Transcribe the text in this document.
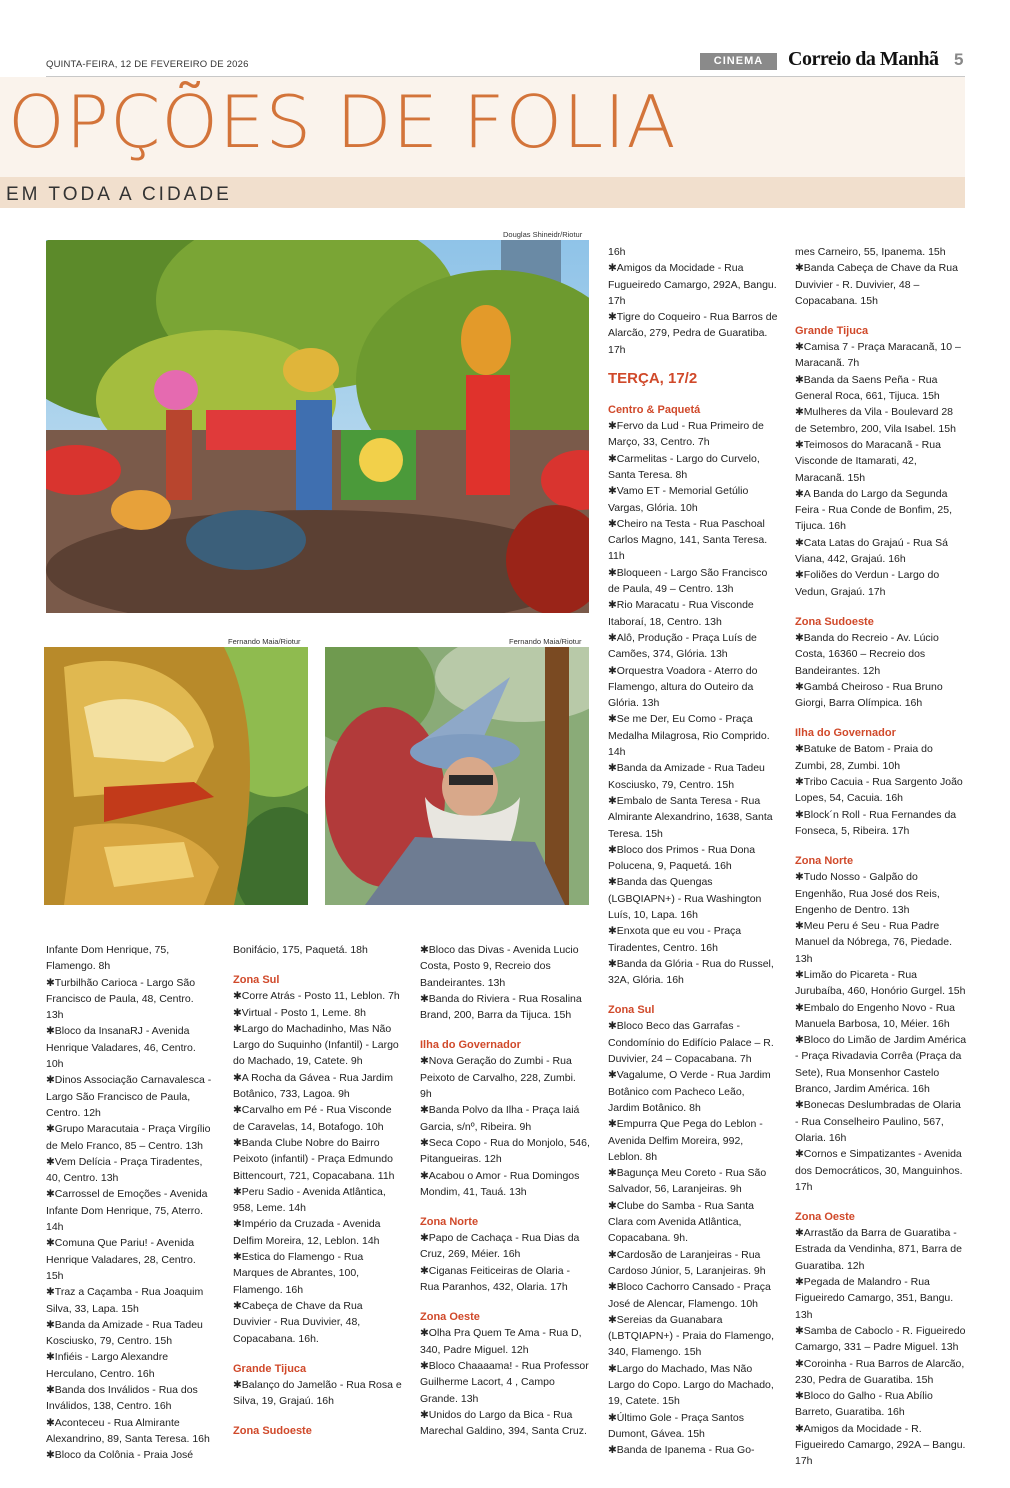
QUINTA-FEIRA, 12 DE FEVEREIRO DE 2026	CINEMA	Correio da Manhã 5
OPÇÕES DE FOLIA
EM TODA A CIDADE
Douglas Shineidr/Riotur
Fernando Maia/Riotur	Fernando Maia/Riotur
Infante Dom Henrique, 75, Flamengo. 8h
✱Turbilhão Carioca - Largo São Francisco de Paula, 48, Centro. 13h
✱Bloco da InsanaRJ - Avenida Henrique Valadares, 46, Centro. 10h
✱Dinos Associação Carnavalesca - Largo São Francisco de Paula, Centro. 12h
✱Grupo Maracutaia - Praça Virgílio de Melo Franco, 85 – Centro. 13h
✱Vem Delícia - Praça Tiradentes, 40, Centro. 13h
✱Carrossel de Emoções - Avenida Infante Dom Henrique, 75, Aterro. 14h
✱Comuna Que Pariu! - Avenida Henrique Valadares, 28, Centro. 15h
✱Traz a Caçamba - Rua Joaquim Silva, 33, Lapa. 15h
✱Banda da Amizade - Rua Tadeu Kosciusko, 79, Centro. 15h
✱Infiéis - Largo Alexandre Herculano, Centro. 16h
✱Banda dos Inválidos - Rua dos Inválidos, 138, Centro. 16h
✱Aconteceu - Rua Almirante Alexandrino, 89, Santa Teresa. 16h
✱Bloco da Colônia - Praia José
Bonifácio, 175, Paquetá. 18h
Zona Sul
✱Corre Atrás - Posto 11, Leblon. 7h
✱Virtual - Posto 1, Leme. 8h
✱Largo do Machadinho, Mas Não Largo do Suquinho (Infantil) - Largo do Machado, 19, Catete. 9h
✱A Rocha da Gávea - Rua Jardim Botânico, 733, Lagoa. 9h
✱Carvalho em Pé - Rua Visconde de Caravelas, 14, Botafogo. 10h
✱Banda Clube Nobre do Bairro Peixoto (infantil) - Praça Edmundo Bittencourt, 721, Copacabana. 11h
✱Peru Sadio - Avenida Atlântica, 958, Leme. 14h
✱Império da Cruzada - Avenida Delfim Moreira, 12, Leblon. 14h
✱Estica do Flamengo - Rua Marques de Abrantes, 100, Flamengo. 16h
✱Cabeça de Chave da Rua Duvivier - Rua Duvivier, 48, Copacabana. 16h.
Grande Tijuca
✱Balanço do Jamelão - Rua Rosa e Silva, 19, Grajaú. 16h
Zona Sudoeste
✱Bloco das Divas - Avenida Lucio Costa, Posto 9, Recreio dos Bandeirantes. 13h
✱Banda do Riviera - Rua Rosalina Brand, 200, Barra da Tijuca. 15h
Ilha do Governador
✱Nova Geração do Zumbi - Rua Peixoto de Carvalho, 228, Zumbi. 9h
✱Banda Polvo da Ilha - Praça Iaiá Garcia, s/nº, Ribeira. 9h
✱Seca Copo - Rua do Monjolo, 546, Pitangueiras. 12h
✱Acabou o Amor - Rua Domingos Mondim, 41, Tauá. 13h
Zona Norte
✱Papo de Cachaça - Rua Dias da Cruz, 269, Méier. 16h
✱Ciganas Feiticeiras de Olaria - Rua Paranhos, 432, Olaria. 17h
Zona Oeste
✱Olha Pra Quem Te Ama - Rua D, 340, Padre Miguel. 12h
✱Bloco Chaaaama! - Rua Professor Guilherme Lacort, 4 , Campo Grande. 13h
✱Unidos do Largo da Bica - Rua Marechal Galdino, 394, Santa Cruz.
16h
✱Amigos da Mocidade - Rua Fugueiredo Camargo, 292A, Bangu. 17h
✱Tigre do Coqueiro - Rua Barros de Alarcão, 279, Pedra de Guaratiba. 17h
TERÇA, 17/2
Centro & Paquetá
✱Fervo da Lud - Rua Primeiro de Março, 33, Centro. 7h
✱Carmelitas - Largo do Curvelo, Santa Teresa. 8h
✱Vamo ET - Memorial Getúlio Vargas, Glória. 10h
✱Cheiro na Testa - Rua Paschoal Carlos Magno, 141, Santa Teresa. 11h
✱Bloqueen - Largo São Francisco de Paula, 49 – Centro. 13h
✱Rio Maracatu - Rua Visconde Itaboraí, 18, Centro. 13h
✱Alô, Produção - Praça Luís de Camões, 374, Glória. 13h
✱Orquestra Voadora - Aterro do Flamengo, altura do Outeiro da Glória. 13h
✱Se me Der, Eu Como - Praça Medalha Milagrosa, Rio Comprido. 14h
✱Banda da Amizade - Rua Tadeu Kosciusko, 79, Centro. 15h
✱Embalo de Santa Teresa - Rua Almirante Alexandrino, 1638, Santa Teresa. 15h
✱Bloco dos Primos - Rua Dona Polucena, 9, Paquetá. 16h
✱Banda das Quengas (LGBQIAPN+) - Rua Washington Luís, 10, Lapa. 16h
✱Enxota que eu vou - Praça Tiradentes, Centro. 16h
✱Banda da Glória - Rua do Russel, 32A, Glória. 16h
Zona Sul
✱Bloco Beco das Garrafas - Condomínio do Edifício Palace – R. Duvivier, 24 – Copacabana. 7h
✱Vagalume, O Verde - Rua Jardim Botânico com Pacheco Leão, Jardim Botânico. 8h
✱Empurra Que Pega do Leblon - Avenida Delfim Moreira, 992, Leblon. 8h
✱Bagunça Meu Coreto - Rua São Salvador, 56, Laranjeiras. 9h
✱Clube do Samba - Rua Santa Clara com Avenida Atlântica, Copacabana. 9h.
✱Cardosão de Laranjeiras - Rua Cardoso Júnior, 5, Laranjeiras. 9h
✱Bloco Cachorro Cansado - Praça José de Alencar, Flamengo. 10h
✱Sereias da Guanabara (LBTQIAPN+) - Praia do Flamengo, 340, Flamengo. 15h
✱Largo do Machado, Mas Não Largo do Copo. Largo do Machado, 19, Catete. 15h
✱Último Gole - Praça Santos Dumont, Gávea. 15h
✱Banda de Ipanema - Rua Go-
mes Carneiro, 55, Ipanema. 15h
✱Banda Cabeça de Chave da Rua Duvivier - R. Duvivier, 48 – Copacabana. 15h
Grande Tijuca
✱Camisa 7 - Praça Maracanã, 10 – Maracanã. 7h
✱Banda da Saens Peña - Rua General Roca, 661, Tijuca. 15h
✱Mulheres da Vila - Boulevard 28 de Setembro, 200, Vila Isabel. 15h
✱Teimosos do Maracanã - Rua Visconde de Itamarati, 42, Maracanã. 15h
✱A Banda do Largo da Segunda Feira - Rua Conde de Bonfim, 25, Tijuca. 16h
✱Cata Latas do Grajaú - Rua Sá Viana, 442, Grajaú. 16h
✱Foliões do Verdun - Largo do Vedun, Grajaú. 17h
Zona Sudoeste
✱Banda do Recreio - Av. Lúcio Costa, 16360 – Recreio dos Bandeirantes. 12h
✱Gambá Cheiroso - Rua Bruno Giorgi, Barra Olímpica. 16h
Ilha do Governador
✱Batuke de Batom - Praia do Zumbi, 28, Zumbi. 10h
✱Tribo Cacuia - Rua Sargento João Lopes, 54, Cacuia. 16h
✱Block´n Roll - Rua Fernandes da Fonseca, 5, Ribeira. 17h
Zona Norte
✱Tudo Nosso - Galpão do Engenhão, Rua José dos Reis, Engenho de Dentro. 13h
✱Meu Peru é Seu - Rua Padre Manuel da Nóbrega, 76, Piedade. 13h
✱Limão do Picareta - Rua Jurubaíba, 460, Honório Gurgel. 15h
✱Embalo do Engenho Novo - Rua Manuela Barbosa, 10, Méier. 16h
✱Bloco do Limão de Jardim América - Praça Rivadavia Corrêa (Praça da Sete), Rua Monsenhor Castelo Branco, Jardim América. 16h
✱Bonecas Deslumbradas de Olaria - Rua Conselheiro Paulino, 567, Olaria. 16h
✱Cornos e Simpatizantes - Avenida dos Democráticos, 30, Manguinhos. 17h
Zona Oeste
✱Arrastão da Barra de Guaratiba - Estrada da Vendinha, 871, Barra de Guaratiba. 12h
✱Pegada de Malandro - Rua Figueiredo Camargo, 351, Bangu. 13h
✱Samba de Caboclo - R. Figueiredo Camargo, 331 – Padre Miguel. 13h
✱Coroinha - Rua Barros de Alarcão, 230, Pedra de Guaratiba. 15h
✱Bloco do Galho - Rua Abílio Barreto, Guaratiba. 16h
✱Amigos da Mocidade - R. Figueiredo Camargo, 292A – Bangu. 17h
